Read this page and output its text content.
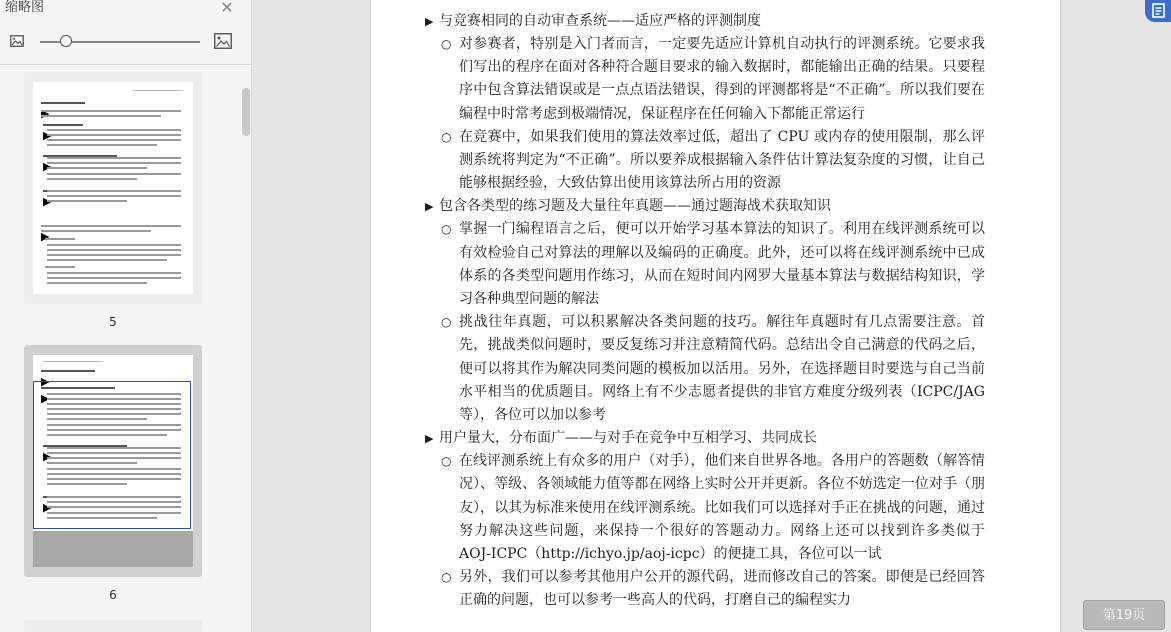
缩略图	✕
▶
▶
▶
▶
▶
5
▶
▶
▶
▶
6
▶ 与竞赛相同的自动审查系统——适应严格的评测制度
○ 对参赛者，特别是入门者而言，一定要先适应计算机自动执行的评测系统。它要求我们写出的程序在面对各种符合题目要求的输入数据时，都能输出正确的结果。只要程序中包含算法错误或是一点点语法错误，得到的评测都将是“不正确”。所以我们要在编程中时常考虑到极端情况，保证程序在任何输入下都能正常运行
○ 在竞赛中，如果我们使用的算法效率过低，超出了 CPU 或内存的使用限制，那么评测系统将判定为“不正确”。所以要养成根据输入条件估计算法复杂度的习惯，让自己能够根据经验，大致估算出使用该算法所占用的资源
▶ 包含各类型的练习题及大量往年真题——通过题海战术获取知识
○ 掌握一门编程语言之后，便可以开始学习基本算法的知识了。利用在线评测系统可以有效检验自己对算法的理解以及编码的正确度。此外，还可以将在线评测系统中已成体系的各类型问题用作练习，从而在短时间内网罗大量基本算法与数据结构知识，学习各种典型问题的解法
○ 挑战往年真题，可以积累解决各类问题的技巧。解往年真题时有几点需要注意。首先，挑战类似问题时，要反复练习并注意精简代码。总结出令自己满意的代码之后，便可以将其作为解决同类问题的模板加以活用。另外，在选择题目时要选与自己当前水平相当的优质题目。网络上有不少志愿者提供的非官方难度分级列表（ICPC/JAG 等），各位可以加以参考
▶ 用户量大，分布面广——与对手在竞争中互相学习、共同成长
○ 在线评测系统上有众多的用户（对手），他们来自世界各地。各用户的答题数（解答情况）、等级、各领域能力值等都在网络上实时公开并更新。各位不妨选定一位对手（朋友），以其为标准来使用在线评测系统。比如我们可以选择对手正在挑战的问题，通过努力解决这些问题，来保持一个很好的答题动力。网络上还可以找到许多类似于 AOJ-ICPC（http://ichyo.jp/aoj-icpc）的便捷工具，各位可以一试
○ 另外，我们可以参考其他用户公开的源代码，进而修改自己的答案。即便是已经回答正确的问题，也可以参考一些高人的代码，打磨自己的编程实力
第19页
